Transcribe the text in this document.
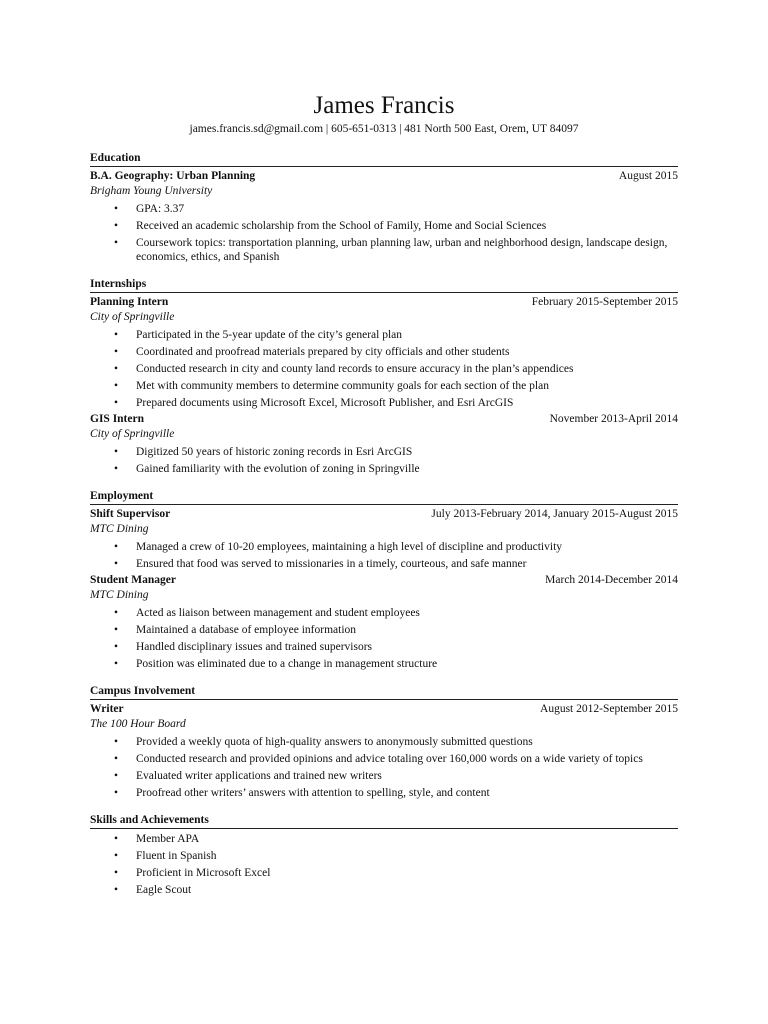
James Francis
james.francis.sd@gmail.com | 605-651-0313 | 481 North 500 East, Orem, UT 84097
Education
B.A. Geography: Urban Planning	August 2015
Brigham Young University
• GPA: 3.37
• Received an academic scholarship from the School of Family, Home and Social Sciences
• Coursework topics: transportation planning, urban planning law, urban and neighborhood design, landscape design, economics, ethics, and Spanish
Internships
Planning Intern	February 2015-September 2015
City of Springville
• Participated in the 5-year update of the city’s general plan
• Coordinated and proofread materials prepared by city officials and other students
• Conducted research in city and county land records to ensure accuracy in the plan’s appendices
• Met with community members to determine community goals for each section of the plan
• Prepared documents using Microsoft Excel, Microsoft Publisher, and Esri ArcGIS
GIS Intern	November 2013-April 2014
City of Springville
• Digitized 50 years of historic zoning records in Esri ArcGIS
• Gained familiarity with the evolution of zoning in Springville
Employment
Shift Supervisor	July 2013-February 2014, January 2015-August 2015
MTC Dining
• Managed a crew of 10-20 employees, maintaining a high level of discipline and productivity
• Ensured that food was served to missionaries in a timely, courteous, and safe manner
Student Manager	March 2014-December 2014
MTC Dining
• Acted as liaison between management and student employees
• Maintained a database of employee information
• Handled disciplinary issues and trained supervisors
• Position was eliminated due to a change in management structure
Campus Involvement
Writer	August 2012-September 2015
The 100 Hour Board
• Provided a weekly quota of high-quality answers to anonymously submitted questions
• Conducted research and provided opinions and advice totaling over 160,000 words on a wide variety of topics
• Evaluated writer applications and trained new writers
• Proofread other writers’ answers with attention to spelling, style, and content
Skills and Achievements
• Member APA
• Fluent in Spanish
• Proficient in Microsoft Excel
• Eagle Scout
